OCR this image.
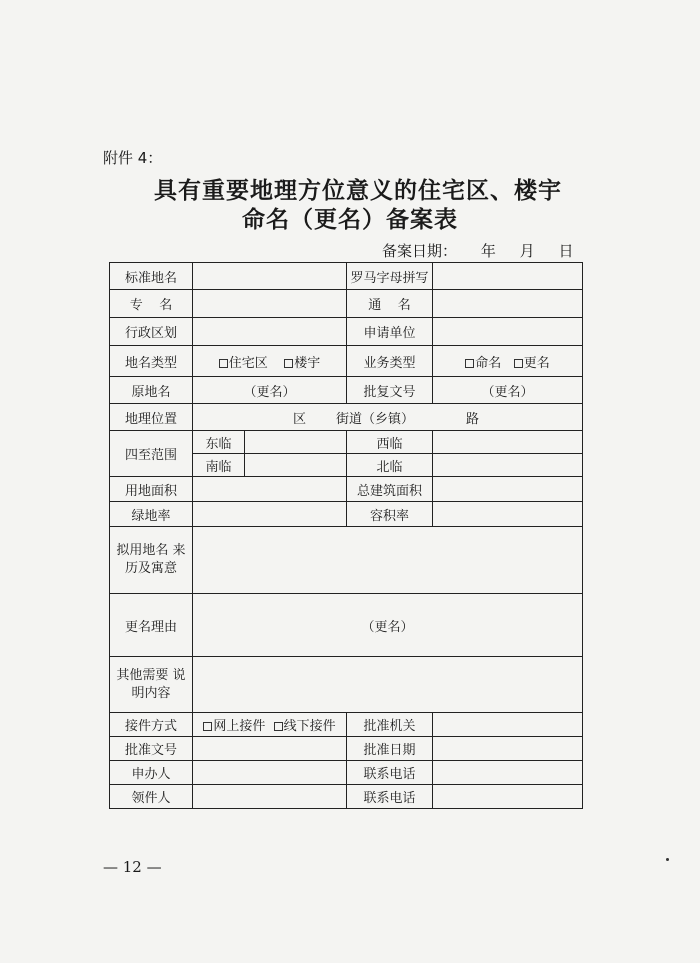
附件 4：
具有重要地理方位意义的住宅区、楼宇
命名（更名）备案表
备案日期：     年     月     日
标准地名			罗马字母拼写	
专    名			通    名	
行政区划			申请单位	
地名类型	住宅区 楼宇		业务类型	命名 更名
原地名	（更名）		批复文号	（更名）
地理位置	区 街道（乡镇） 路			
四至范围	东临		西临	
	南临		北临	
用地面积			总建筑面积	
绿地率			容积率	
拟用地名 来历及寓意				
更名理由	（更名）			
其他需要 说明内容				
接件方式	网上接件 线下接件		批准机关	
批准文号			批准日期	
申办人			联系电话	
领件人			联系电话	
— 12 —
